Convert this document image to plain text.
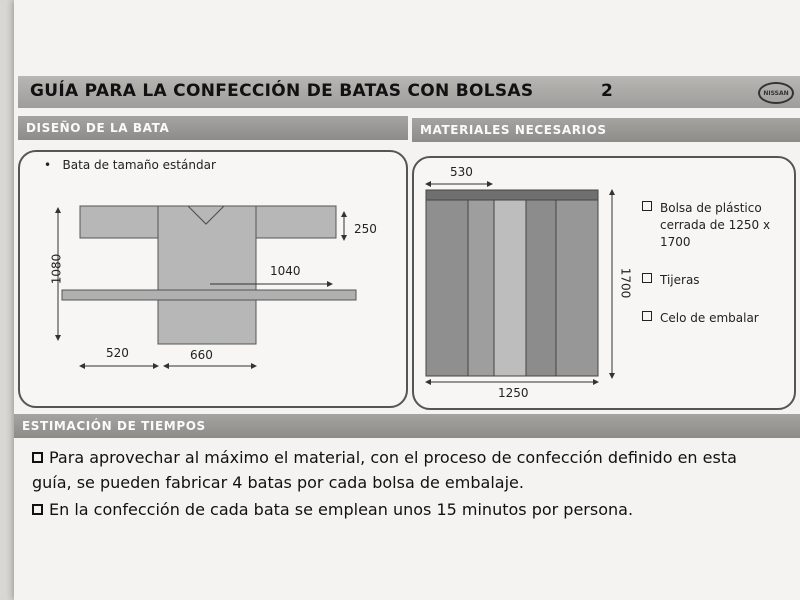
GUÍA PARA LA CONFECCIÓN DE BATAS CON BOLSAS	2	NISSAN
DISEÑO DE LA BATA	MATERIALES NECESARIOS
•   Bata de tamaño estándar
1080
250
1040
520	660
530
1700
1250
Bolsa de plástico cerrada de 1250 x 1700
Tijeras
Celo de embalar
ESTIMACIÓN DE TIEMPOS
Para aprovechar al máximo el material, con el proceso de confección definido en esta
guía, se pueden fabricar 4 batas por cada bolsa de embalaje.
En la confección de cada bata se emplean unos 15 minutos por persona.
